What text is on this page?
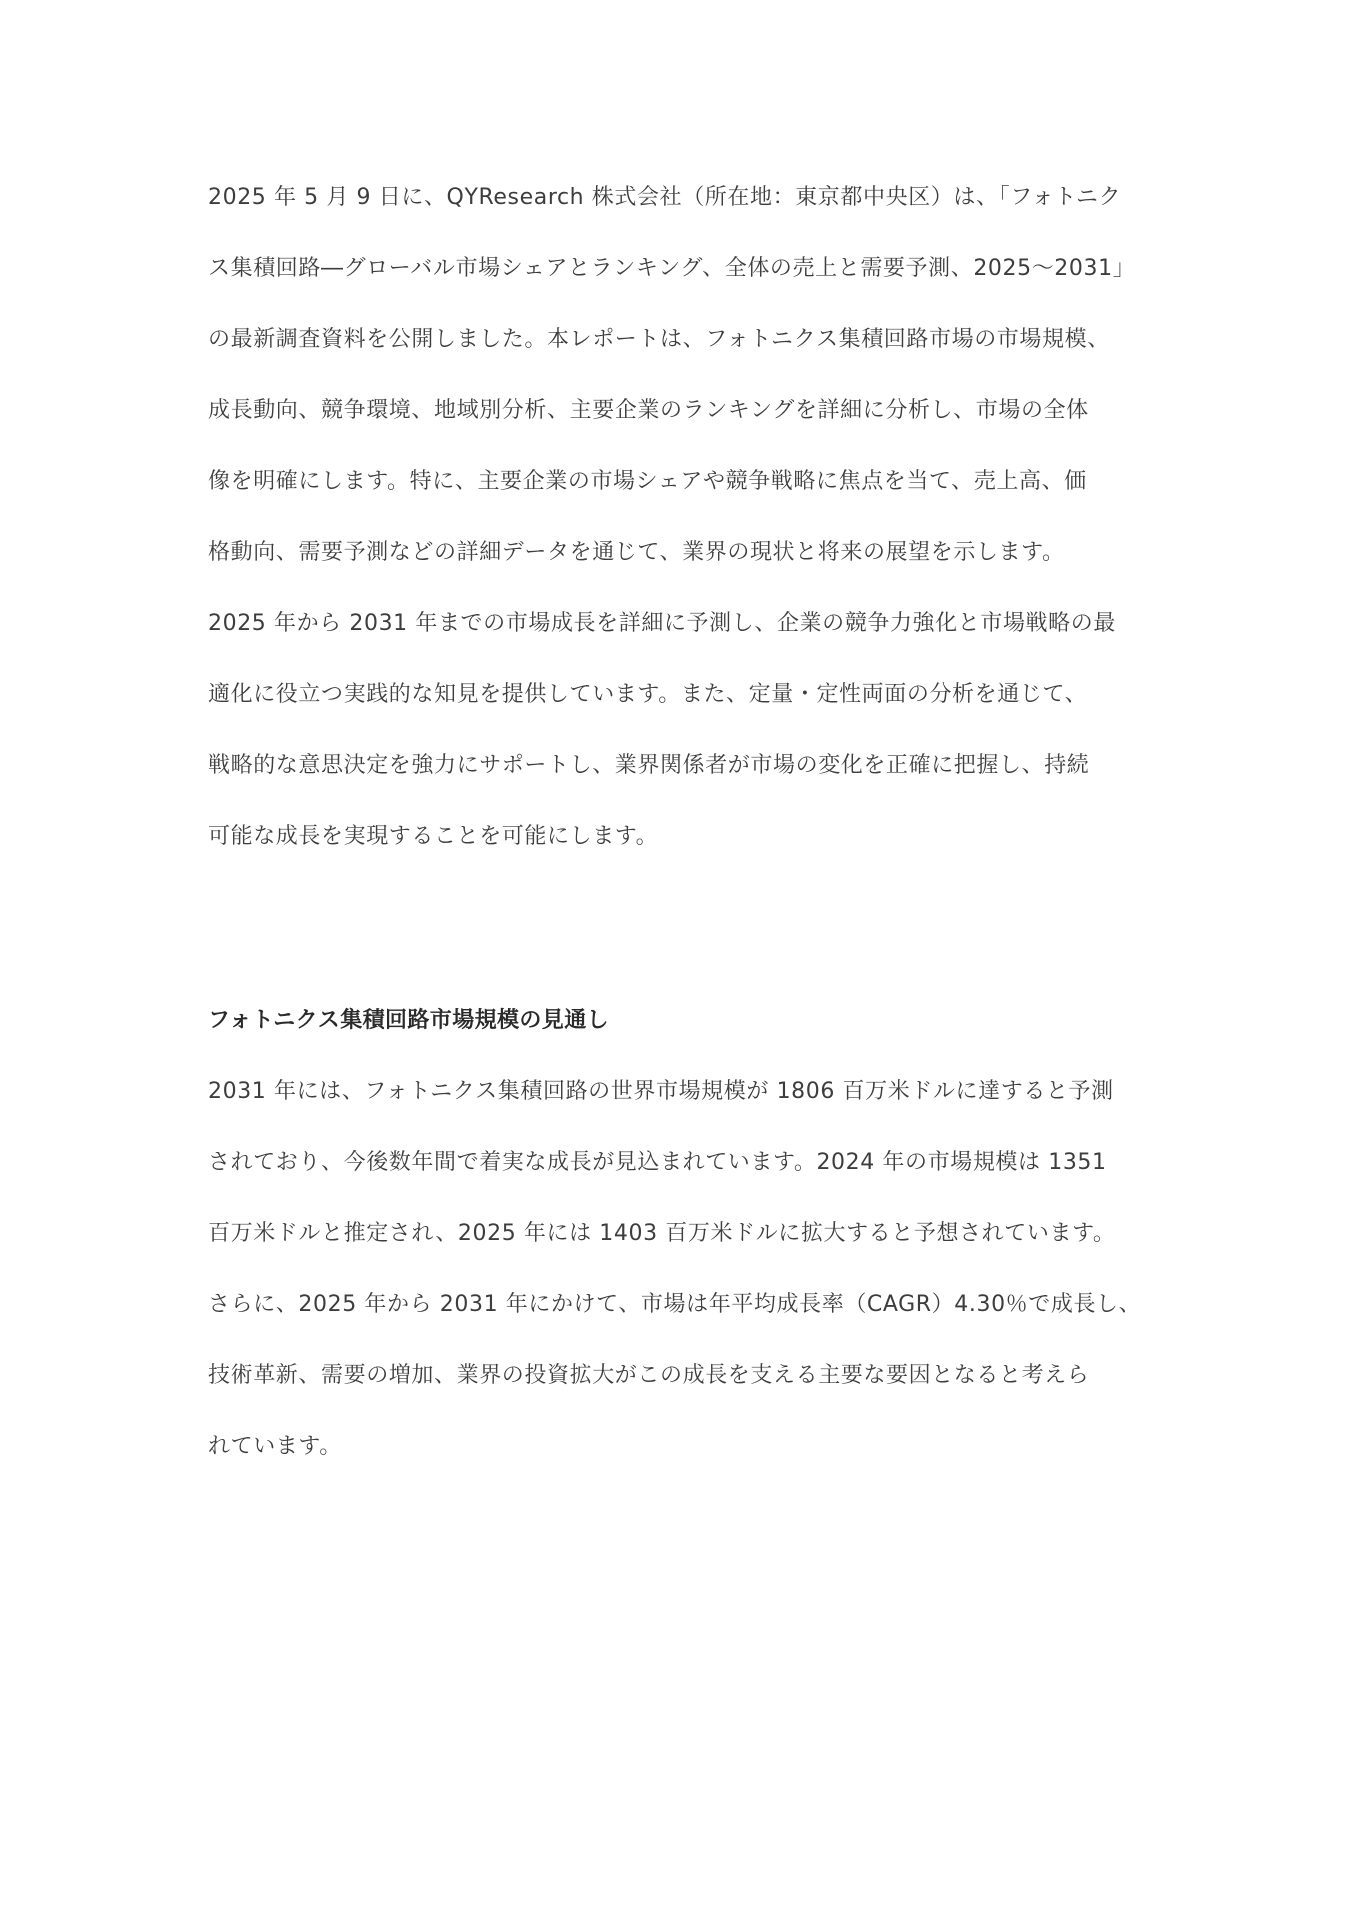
2025 年 5 月 9 日に、QYResearch 株式会社（所在地：東京都中央区）は、「フォトニク
ス集積回路―グローバル市場シェアとランキング、全体の売上と需要予測、2025～2031」
の最新調査資料を公開しました。本レポートは、フォトニクス集積回路市場の市場規模、
成長動向、競争環境、地域別分析、主要企業のランキングを詳細に分析し、市場の全体
像を明確にします。特に、主要企業の市場シェアや競争戦略に焦点を当て、売上高、価
格動向、需要予測などの詳細データを通じて、業界の現状と将来の展望を示します。
2025 年から 2031 年までの市場成長を詳細に予測し、企業の競争力強化と市場戦略の最
適化に役立つ実践的な知見を提供しています。また、定量・定性両面の分析を通じて、
戦略的な意思決定を強力にサポートし、業界関係者が市場の変化を正確に把握し、持続
可能な成長を実現することを可能にします。
フォトニクス集積回路市場規模の見通し
2031 年には、フォトニクス集積回路の世界市場規模が 1806 百万米ドルに達すると予測
されており、今後数年間で着実な成長が見込まれています。2024 年の市場規模は 1351
百万米ドルと推定され、2025 年には 1403 百万米ドルに拡大すると予想されています。
さらに、2025 年から 2031 年にかけて、市場は年平均成長率（CAGR）4.30％で成長し、
技術革新、需要の増加、業界の投資拡大がこの成長を支える主要な要因となると考えら
れています。
